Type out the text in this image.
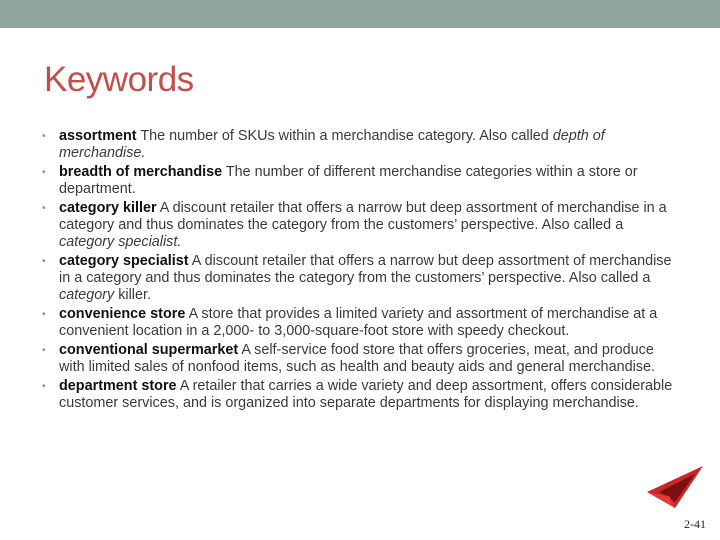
Keywords
• assortment The number of SKUs within a merchandise category. Also called depth of merchandise.
• breadth of merchandise The number of different merchandise categories within a store or department.
• category killer A discount retailer that offers a narrow but deep assortment of merchandise in a category and thus dominates the category from the customers’ perspective. Also called a category specialist.
• category specialist A discount retailer that offers a narrow but deep assortment of merchandise in a category and thus dominates the category from the customers’ perspective. Also called a category killer.
• convenience store A store that provides a limited variety and assortment of merchandise at a convenient location in a 2,000- to 3,000-square-foot store with speedy checkout.
• conventional supermarket A self-service food store that offers groceries, meat, and produce with limited sales of nonfood items, such as health and beauty aids and general merchandise.
• department store A retailer that carries a wide variety and deep assortment, offers considerable customer services, and is organized into separate departments for displaying merchandise.
2-41
